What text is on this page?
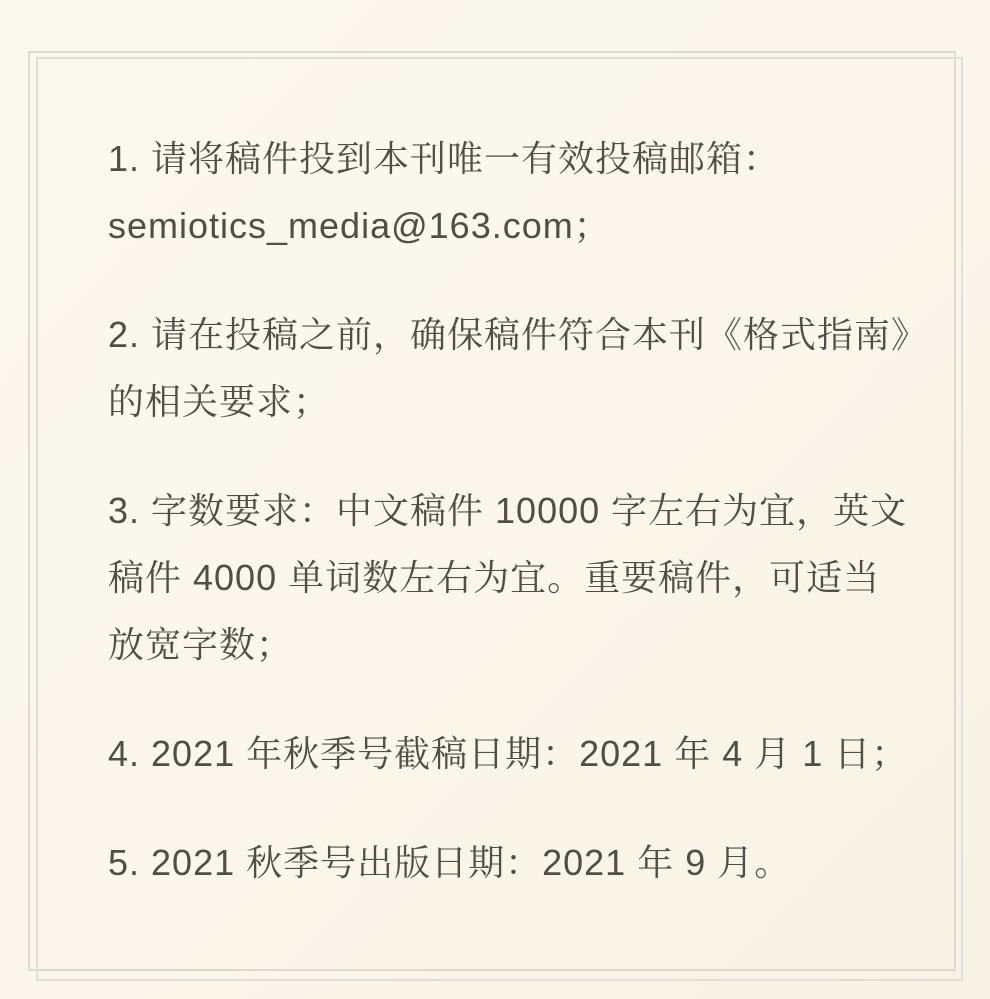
1. 请将稿件投到本刊唯一有效投稿邮箱：
semiotics_media@163.com；

2. 请在投稿之前，确保稿件符合本刊《格式指南》
的相关要求；

3. 字数要求：中文稿件 10000 字左右为宜，英文
稿件 4000 单词数左右为宜。重要稿件，可适当
放宽字数；

4. 2021 年秋季号截稿日期：2021 年 4 月 1 日；

5. 2021 秋季号出版日期：2021 年 9 月。
